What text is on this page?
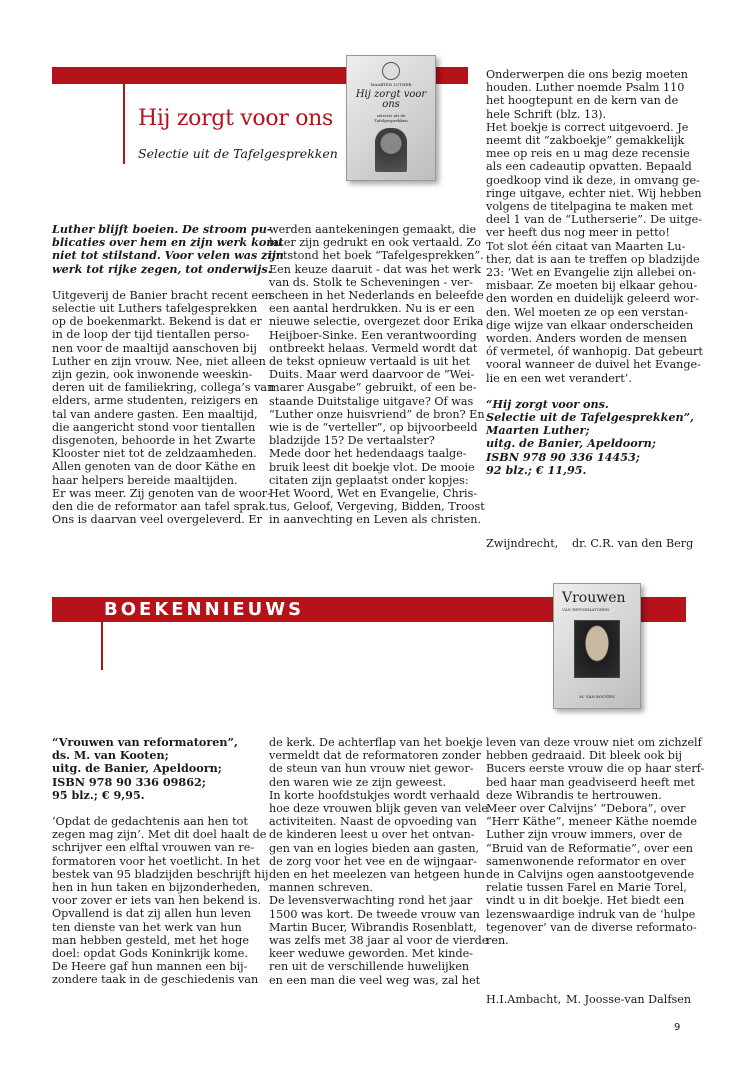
Hij zorgt voor ons
Selectie uit de Tafelgesprekken
MAARTEN LUTHER
Hij zorgt voor ons
selectie uit de Tafelgesprekken

Luther blijft boeien. De stroom pu-
blicaties over hem en zijn werk komt
niet tot stilstand. Voor velen was zijn
werk tot rijke zegen, tot onderwijs.

Uitgeverij de Banier bracht recent een
selectie uit Luthers tafelgesprekken
op de boekenmarkt. Bekend is dat er
in de loop der tijd tientallen perso-
nen voor de maaltijd aanschoven bij
Luther en zijn vrouw. Nee, niet alleen
zijn gezin, ook inwonende weeskin-
deren uit de familiekring, collega’s van
elders, arme studenten, reizigers en
tal van andere gasten. Een maaltijd,
die aangericht stond voor tientallen
disgenoten, behoorde in het Zwarte
Klooster niet tot de zeldzaamheden.
Allen genoten van de door Käthe en
haar helpers bereide maaltijden.
Er was meer. Zij genoten van de woor-
den die de reformator aan tafel sprak.
Ons is daarvan veel overgeleverd. Er

werden aantekeningen gemaakt, die
later zijn gedrukt en ook vertaald. Zo
ontstond het boek “Tafelgesprekken”.
Een keuze daaruit - dat was het werk
van ds. Stolk te Scheveningen - ver-
scheen in het Nederlands en beleefde
een aantal herdrukken. Nu is er een
nieuwe selectie, overgezet door Erika
Heijboer-Sinke. Een verantwoording
ontbreekt helaas. Vermeld wordt dat
de tekst opnieuw vertaald is uit het
Duits. Maar werd daarvoor de ”Wei-
marer Ausgabe” gebruikt, of een be-
staande Duitstalige uitgave? Of was
“Luther onze huisvriend” de bron? En
wie is de “verteller”, op bijvoorbeeld
bladzijde 15? De vertaalster?
Mede door het hedendaags taalge-
bruik leest dit boekje vlot. De mooie
citaten zijn geplaatst onder kopjes:
Het Woord, Wet en Evangelie, Chris-
tus, Geloof, Vergeving, Bidden, Troost
in aanvechting en Leven als christen.

Onderwerpen die ons bezig moeten
houden. Luther noemde Psalm 110
het hoogtepunt en de kern van de
hele Schrift (blz. 13).
Het boekje is correct uitgevoerd. Je
neemt dit “zakboekje” gemakkelijk
mee op reis en u mag deze recensie
als een cadeautip opvatten. Bepaald
goedkoop vind ik deze, in omvang ge-
ringe uitgave, echter niet. Wij hebben
volgens de titelpagina te maken met
deel 1 van de “Lutherserie”. De uitge-
ver heeft dus nog meer in petto!
Tot slot één citaat van Maarten Lu-
ther, dat is aan te treffen op bladzijde
23: ‘Wet en Evangelie zijn allebei on-
misbaar. Ze moeten bij elkaar gehou-
den worden en duidelijk geleerd wor-
den. Wel moeten ze op een verstan-
dige wijze van elkaar onderscheiden
worden. Anders worden de mensen
óf vermetel, óf wanhopig. Dat gebeurt
vooral wanneer de duivel het Evange-
lie en een wet verandert’.

“Hij zorgt voor ons.
Selectie uit de Tafelgesprekken”,
Maarten Luther;
uitg. de Banier, Apeldoorn;
ISBN 978 90 336 14453;
92 blz.; € 11,95.

Zwijndrecht, dr. C.R. van den Berg
BOEKENNIEUWS
Vrouwen
VAN REFORMATOREN
M. VAN KOOTEN

“Vrouwen van reformatoren”,
ds. M. van Kooten;
uitg. de Banier, Apeldoorn;
ISBN 978 90 336 09862;
95 blz.; € 9,95.

‘Opdat de gedachtenis aan hen tot
zegen mag zijn’. Met dit doel haalt de
schrijver een elftal vrouwen van re-
formatoren voor het voetlicht. In het
bestek van 95 bladzijden beschrijft hij
hen in hun taken en bijzonderheden,
voor zover er iets van hen bekend is.
Opvallend is dat zij allen hun leven
ten dienste van het werk van hun
man hebben gesteld, met het hoge
doel: opdat Gods Koninkrijk kome.
De Heere gaf hun mannen een bij-
zondere taak in de geschiedenis van

de kerk. De achterflap van het boekje
vermeldt dat de reformatoren zonder
de steun van hun vrouw niet gewor-
den waren wie ze zijn geweest.
In korte hoofdstukjes wordt verhaald
hoe deze vrouwen blijk geven van vele
activiteiten. Naast de opvoeding van
de kinderen leest u over het ontvan-
gen van en logies bieden aan gasten,
de zorg voor het vee en de wijngaar-
den en het meelezen van hetgeen hun
mannen schreven.
De levensverwachting rond het jaar
1500 was kort. De tweede vrouw van
Martin Bucer, Wibrandis Rosenblatt,
was zelfs met 38 jaar al voor de vierde
keer weduwe geworden. Met kinde-
ren uit de verschillende huwelijken
en een man die veel weg was, zal het

leven van deze vrouw niet om zichzelf
hebben gedraaid. Dit bleek ook bij
Bucers eerste vrouw die op haar sterf-
bed haar man geadviseerd heeft met
deze Wibrandis te hertrouwen.
Meer over Calvijns’ “Debora”, over
“Herr Käthe”, meneer Käthe noemde
Luther zijn vrouw immers, over de
“Bruid van de Reformatie”, over een
samenwonende reformator en over
de in Calvijns ogen aanstootgevende
relatie tussen Farel en Marie Torel,
vindt u in dit boekje. Het biedt een
lezenswaardige indruk van de ‘hulpe
tegenover’ van de diverse reformato-
ren.

H.I.Ambacht, M. Joosse-van Dalfsen
9
